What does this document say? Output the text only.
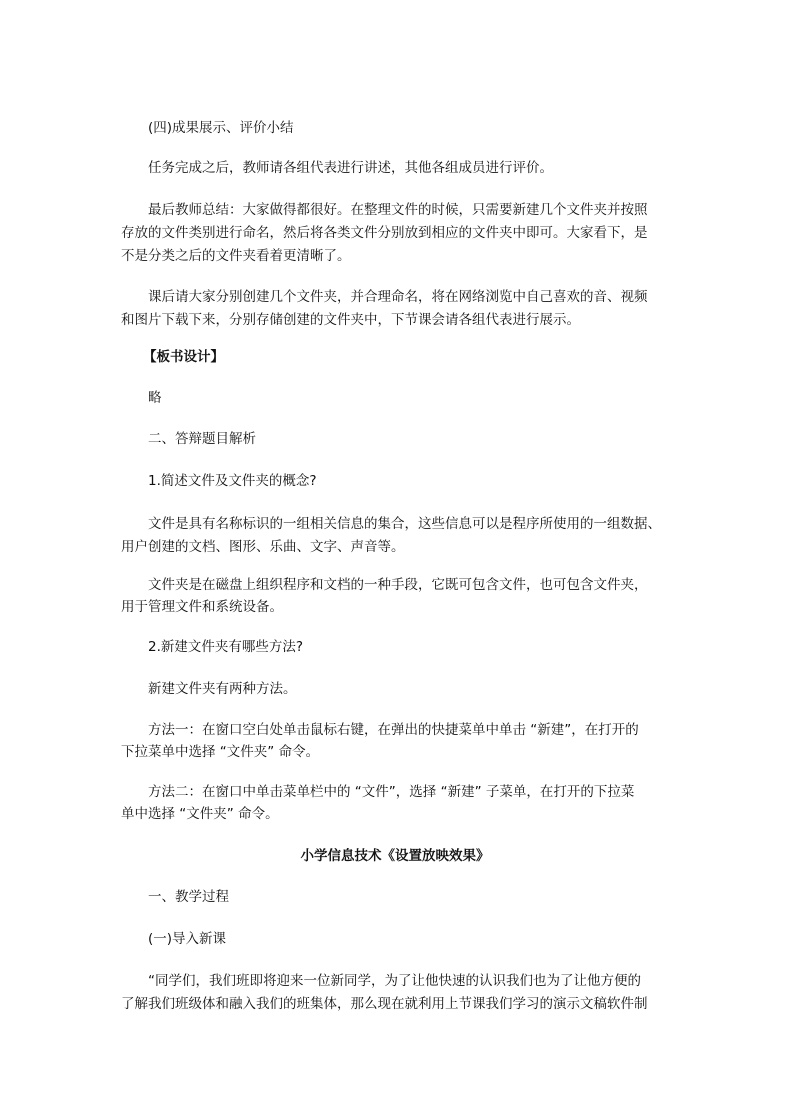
(四)成果展示、评价小结
任务完成之后，教师请各组代表进行讲述，其他各组成员进行评价。
最后教师总结：大家做得都很好。在整理文件的时候，只需要新建几个文件夹并按照
存放的文件类别进行命名，然后将各类文件分别放到相应的文件夹中即可。大家看下，是
不是分类之后的文件夹看着更清晰了。
课后请大家分别创建几个文件夹，并合理命名，将在网络浏览中自己喜欢的音、视频
和图片下载下来，分别存储创建的文件夹中，下节课会请各组代表进行展示。
【板书设计】
略
二、答辩题目解析
1.简述文件及文件夹的概念?
文件是具有名称标识的一组相关信息的集合，这些信息可以是程序所使用的一组数据、
用户创建的文档、图形、乐曲、文字、声音等。
文件夹是在磁盘上组织程序和文档的一种手段，它既可包含文件，也可包含文件夹，
用于管理文件和系统设备。
2.新建文件夹有哪些方法?
新建文件夹有两种方法。
方法一：在窗口空白处单击鼠标右键，在弹出的快捷菜单中单击 “新建”，在打开的
下拉菜单中选择 “文件夹” 命令。
方法二：在窗口中单击菜单栏中的 “文件”，选择 “新建” 子菜单，在打开的下拉菜
单中选择 “文件夹” 命令。
小学信息技术《设置放映效果》
一、教学过程
(一)导入新课
“同学们，我们班即将迎来一位新同学，为了让他快速的认识我们也为了让他方便的
了解我们班级体和融入我们的班集体，那么现在就利用上节课我们学习的演示文稿软件制
